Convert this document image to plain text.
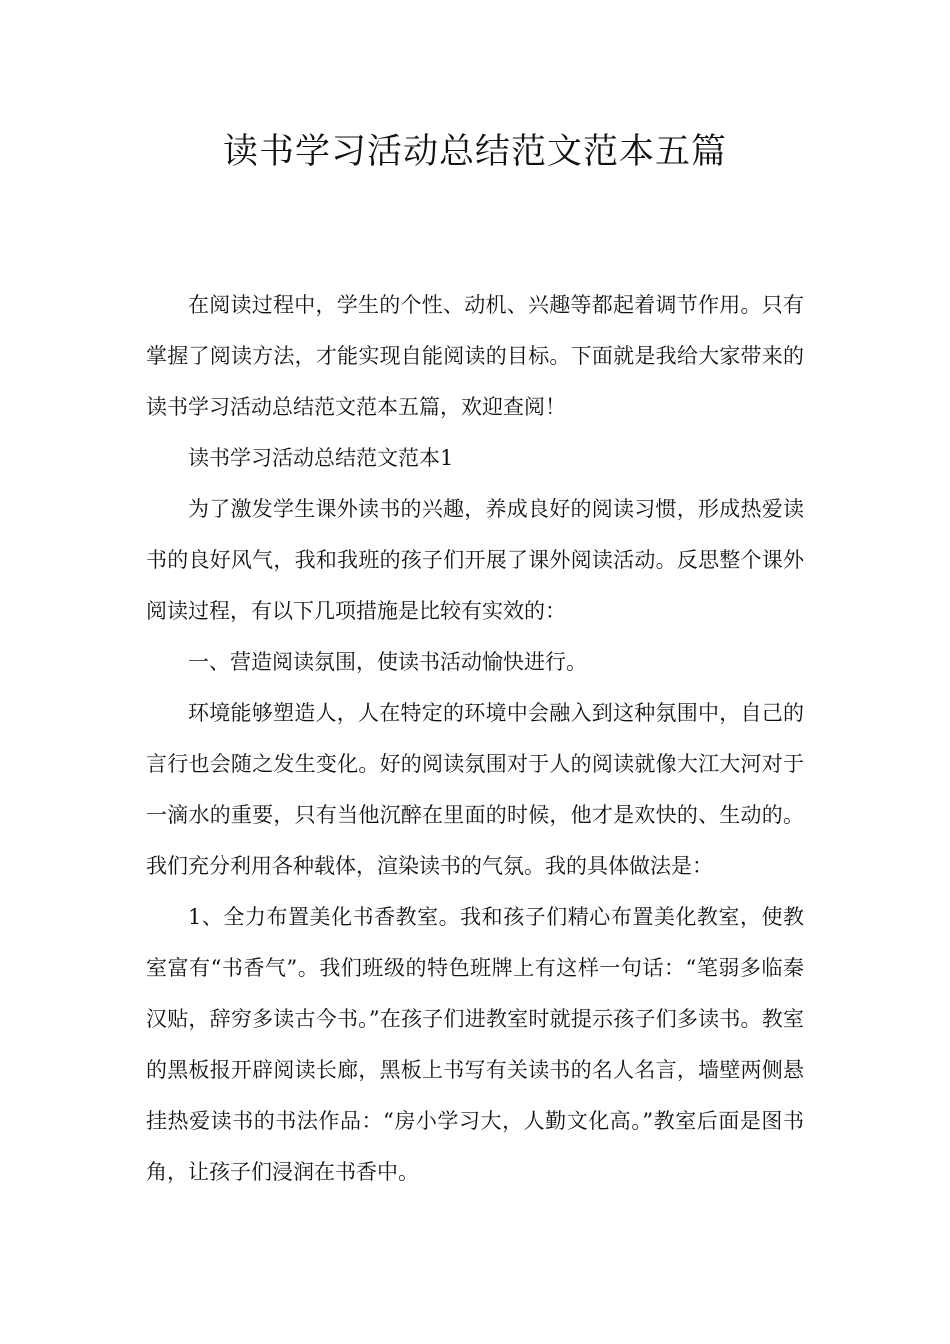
读书学习活动总结范文范本五篇

在阅读过程中，学生的个性、动机、兴趣等都起着调节作用。只有掌握了阅读方法，才能实现自能阅读的目标。下面就是我给大家带来的读书学习活动总结范文范本五篇，欢迎查阅！

读书学习活动总结范文范本1

为了激发学生课外读书的兴趣，养成良好的阅读习惯，形成热爱读书的良好风气，我和我班的孩子们开展了课外阅读活动。反思整个课外阅读过程，有以下几项措施是比较有实效的：

一、营造阅读氛围，使读书活动愉快进行。

环境能够塑造人，人在特定的环境中会融入到这种氛围中，自己的言行也会随之发生变化。好的阅读氛围对于人的阅读就像大江大河对于一滴水的重要，只有当他沉醉在里面的时候，他才是欢快的、生动的。我们充分利用各种载体，渲染读书的气氛。我的具体做法是：

1、全力布置美化书香教室。我和孩子们精心布置美化教室，使教室富有“书香气”。我们班级的特色班牌上有这样一句话：“笔弱多临秦汉贴，辞穷多读古今书。”在孩子们进教室时就提示孩子们多读书。教室的黑板报开辟阅读长廊，黑板上书写有关读书的名人名言，墙壁两侧悬挂热爱读书的书法作品：“房小学习大，人勤文化高。”教室后面是图书角，让孩子们浸润在书香中。
